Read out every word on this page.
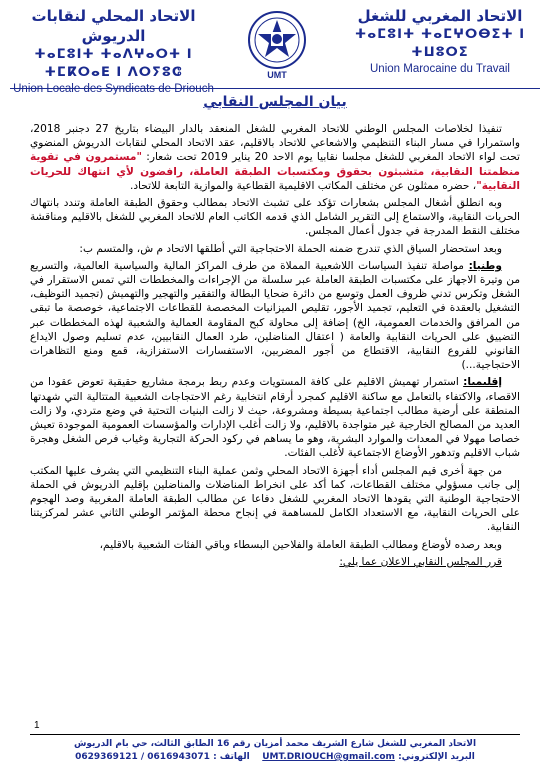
الاتحاد المغربي للشغل
ⵜⴰⵎⵓⵏⵜ ⵜⴰⵎⵖⵔⴱⵉⵜ ⵏ ⵜⵡⵓⵔⵉ
Union Marocaine du Travail
UMT
الاتحاد المحلي لنقابات الدريوش
ⵜⴰⵎⵓⵏⵜ ⵜⴰⴷⵖⴰⵔⵜ ⵏ ⵜⵎⴽⵔⴰⴹ ⵏ ⴷⵔⵢⵓⵛ
Union Locale des Syndicats de Driouch
بيان المجلس النقابي

تنفيذا لخلاصات المجلس الوطني للاتحاد المغربي للشغل المنعقد بالدار البيضاء بتاريخ 27 دجنبر 2018، واستمرارا في مسار البناء التنظيمي والاشعاعي للاتحاد بالاقليم، عقد الاتحاد المحلي لنقابات الدريوش المنضوي تحت لواء الاتحاد المغربي للشغل مجلسا نقابيا يوم الاحد 20 يناير 2019 تحت شعار: "مستمرون في تقوية منظمتنا النقابية، متشبثون بحقوق ومكتسبات الطبقة العاملة، رافضون لأي انتهاك للحريات النقابية"، حضره ممثلون عن مختلف المكاتب الاقليمية القطاعية والموازية التابعة للاتحاد.

وبه انطلق أشغال المجلس بشعارات تؤكد على تشبث الاتحاد بمطالب وحقوق الطبقة العاملة وتندد بانتهاك الحريات النقابية، والاستماع إلى التقرير الشامل الذي قدمه الكاتب العام للاتحاد المغربي للشغل بالاقليم ومناقشة مختلف النقط المدرجة في جدول أعمال المجلس.

وبعد استحضار السياق الذي تندرج ضمنه الحملة الاحتجاجية التي أطلقها الاتحاد م ش، والمتسم ب:

وطنيا: مواصلة تنفيذ السياسات اللاشعبية المملاة من طرف المراكز المالية والسياسية العالمية، والتسريع من وتيرة الاجهاز على مكتسبات الطبقة العاملة عبر سلسلة من الإجراءات والمخططات التي تمس الاستقرار في الشغل وتكرس تدني ظروف العمل وتوسع من دائرة ضحايا البطالة والتفقير والتهجير والتهميش (تجميد التوظيف، التشغيل بالعقدة في التعليم، تجميد الأجور، تقليص الميزانيات المخصصة للقطاعات الاجتماعية، خوصصة ما تبقى من المرافق والخدمات العمومية، الخ) إضافة إلى محاولة كبح المقاومة العمالية والشعبية لهذه المخططات عبر التضييق على الحريات النقابية والعامة ( اعتقال المناضلين، طرد العمال النقابيين، عدم تسليم وصول الايداع القانوني للفروع النقابية، الاقتطاع من أجور المضربين، الاستفسارات الاستفزازية، قمع ومنع التظاهرات الاحتجاجية...)

إقليميا: استمرار تهميش الاقليم على كافة المستويات وعدم ربط برمجة مشاريع حقيقية تعوض عقودا من الاقصاء، والاكتفاء بالتعامل مع ساكنة الاقليم كمجرد أرقام انتخابية رغم الاحتجاجات الشعبية المتتالية التي شهدتها المنطقة على أرضية مطالب اجتماعية بسيطة ومشروعة، حيث لا زالت البنيات التحتية في وضع متردي، ولا زالت العديد من المصالح الخارجية غير متواجدة بالاقليم، ولا زالت أغلب الإدارات والمؤسسات العمومية الموجودة تعيش خصاصا مهولا في المعدات والموارد البشرية، وهو ما يساهم في ركود الحركة التجارية وغياب فرص الشغل وهجرة شباب الاقليم وتدهور الأوضاع الاجتماعية لأغلب الفئات.

من جهة أخرى قيم المجلس أداء أجهزة الاتحاد المحلي وثمن عملية البناء التنظيمي التي يشرف عليها المكتب إلى جانب مسؤولي مختلف القطاعات، كما أكد على انخراط المناضلات والمناضلين بإقليم الدريوش في الحملة الاحتجاجية الوطنية التي يقودها الاتحاد المغربي للشغل دفاعا عن مطالب الطبقة العاملة المغربية وصد الهجوم على الحريات النقابية، مع الاستعداد الكامل للمساهمة في إنجاح محطة المؤتمر الوطني الثاني عشر لمركزيتنا النقابية.

وبعد رصده لأوضاع ومطالب الطبقة العاملة والفلاحين البسطاء وباقي الفئات الشعبية بالاقليم،

قرر المجلس النقابي الاعلان عما يلي:

1
الاتحاد المغربي للشغل شارع الشريف محمد أمزيان رقم 16 الطابق الثالث، حي بام الدريوش
البريد الإلكتروني: UMT.DRIOUCH@gmail.com    الهاتف : 0629369121 / 0616943071
